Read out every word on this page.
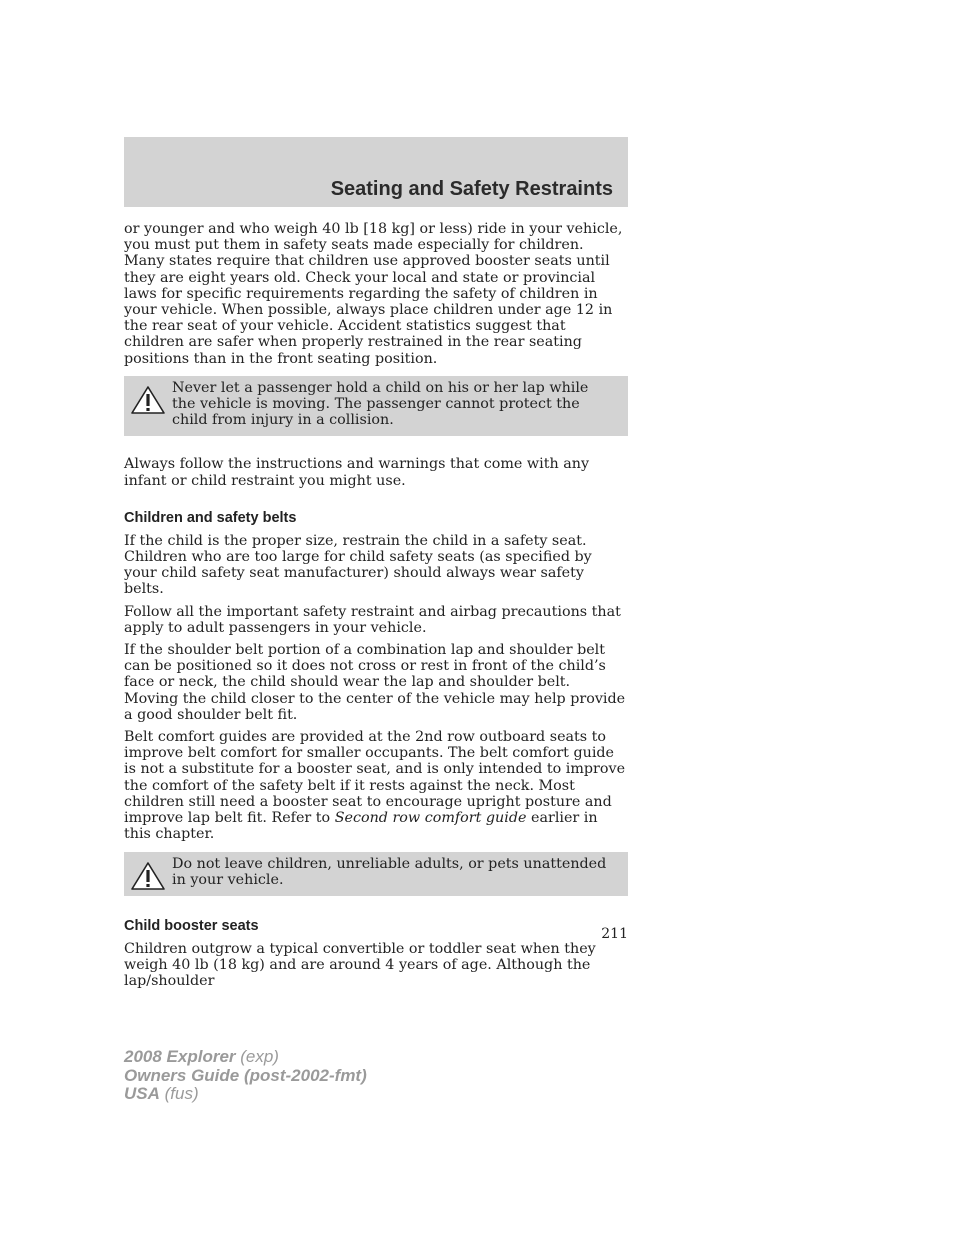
Seating and Safety Restraints

or younger and who weigh 40 lb [18 kg] or less) ride in your vehicle, you must put them in safety seats made especially for children. Many states require that children use approved booster seats until they are eight years old. Check your local and state or provincial laws for specific requirements regarding the safety of children in your vehicle. When possible, always place children under age 12 in the rear seat of your vehicle. Accident statistics suggest that children are safer when properly restrained in the rear seating positions than in the front seating position.

Never let a passenger hold a child on his or her lap while the vehicle is moving. The passenger cannot protect the child from injury in a collision.

Always follow the instructions and warnings that come with any infant or child restraint you might use.

Children and safety belts

If the child is the proper size, restrain the child in a safety seat. Children who are too large for child safety seats (as specified by your child safety seat manufacturer) should always wear safety belts.

Follow all the important safety restraint and airbag precautions that apply to adult passengers in your vehicle.

If the shoulder belt portion of a combination lap and shoulder belt can be positioned so it does not cross or rest in front of the child’s face or neck, the child should wear the lap and shoulder belt. Moving the child closer to the center of the vehicle may help provide a good shoulder belt fit.

Belt comfort guides are provided at the 2nd row outboard seats to improve belt comfort for smaller occupants. The belt comfort guide is not a substitute for a booster seat, and is only intended to improve the comfort of the safety belt if it rests against the neck. Most children still need a booster seat to encourage upright posture and improve lap belt fit. Refer to Second row comfort guide earlier in this chapter.

Do not leave children, unreliable adults, or pets unattended in your vehicle.

Child booster seats

Children outgrow a typical convertible or toddler seat when they weigh 40 lb (18 kg) and are around 4 years of age. Although the lap/shoulder

211
2008 Explorer (exp)
Owners Guide (post-2002-fmt)
USA (fus)
